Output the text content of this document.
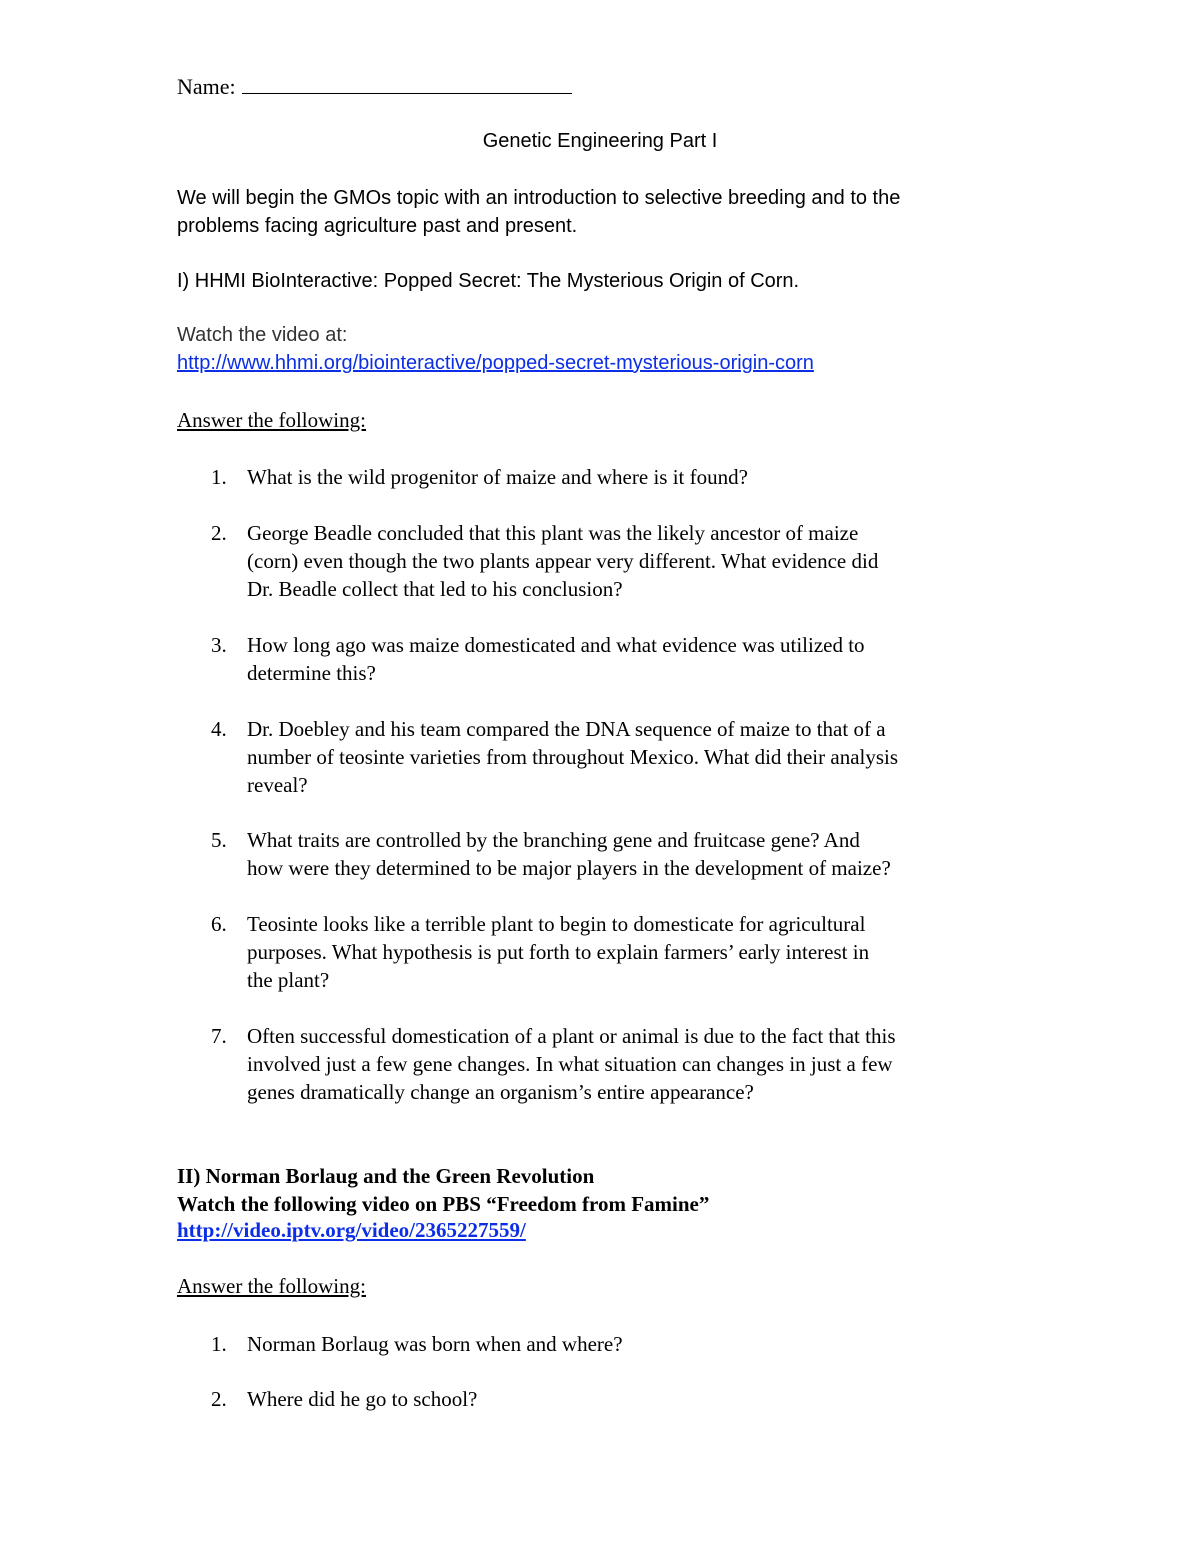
Name:
Genetic Engineering Part I
We will begin the GMOs topic with an introduction to selective breeding and to the
problems facing agriculture past and present.
I) HHMI BioInteractive: Popped Secret: The Mysterious Origin of Corn.
Watch the video at:
http://www.hhmi.org/biointeractive/popped-secret-mysterious-origin-corn
Answer the following:
1. What is the wild progenitor of maize and where is it found?
2. George Beadle concluded that this plant was the likely ancestor of maize
(corn) even though the two plants appear very different. What evidence did
Dr. Beadle collect that led to his conclusion?
3. How long ago was maize domesticated and what evidence was utilized to
determine this?
4. Dr. Doebley and his team compared the DNA sequence of maize to that of a
number of teosinte varieties from throughout Mexico. What did their analysis
reveal?
5. What traits are controlled by the branching gene and fruitcase gene? And
how were they determined to be major players in the development of maize?
6. Teosinte looks like a terrible plant to begin to domesticate for agricultural
purposes. What hypothesis is put forth to explain farmers’ early interest in
the plant?
7. Often successful domestication of a plant or animal is due to the fact that this
involved just a few gene changes. In what situation can changes in just a few
genes dramatically change an organism’s entire appearance?
II) Norman Borlaug and the Green Revolution
Watch the following video on PBS “Freedom from Famine”
http://video.iptv.org/video/2365227559/
Answer the following:
1. Norman Borlaug was born when and where?
2. Where did he go to school?
